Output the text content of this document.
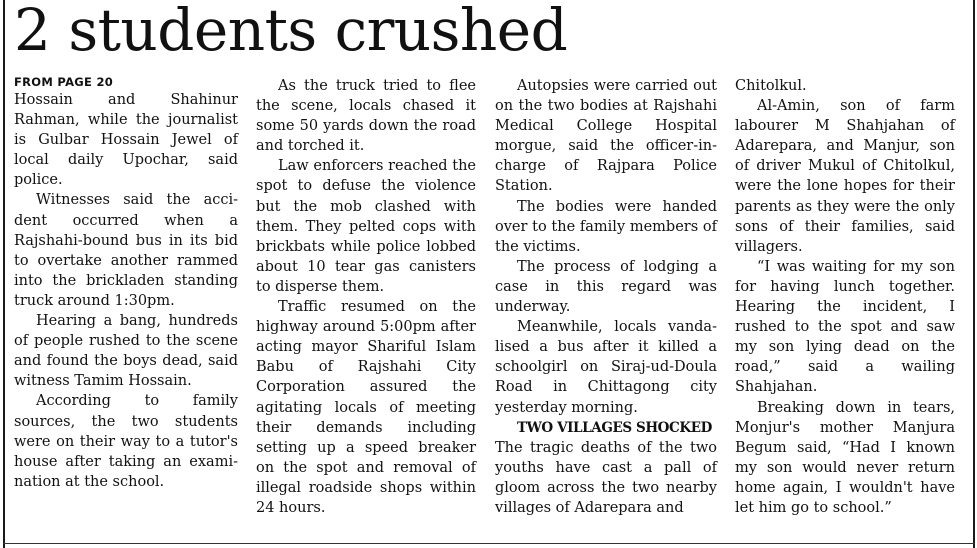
2 students crushed
FROM PAGE 20

Hossain and Shahinur Rahman, while the journalist is Gulbar Hossain Jewel of local daily Upochar, said police.

Witnesses said the accident occurred when a Rajshahi-bound bus in its bid to overtake another rammed into the brickladen standing truck around 1:30pm.

Hearing a bang, hundreds of people rushed to the scene and found the boys dead, said witness Tamim Hossain.

According to family sources, the two students were on their way to a tutor's house after taking an examination at the school.

As the truck tried to flee the scene, locals chased it some 50 yards down the road and torched it.

Law enforcers reached the spot to defuse the violence but the mob clashed with them. They pelted cops with brickbats while police lobbed about 10 tear gas canisters to disperse them.

Traffic resumed on the highway around 5:00pm after acting mayor Shariful Islam Babu of Rajshahi City Corporation assured the agitating locals of meeting their demands including setting up a speed breaker on the spot and removal of illegal roadside shops within 24 hours.

Autopsies were carried out on the two bodies at Rajshahi Medical College Hospital morgue, said the officer-in-charge of Rajpara Police Station.

The bodies were handed over to the family members of the victims.

The process of lodging a case in this regard was underway.

Meanwhile, locals vandalised a bus after it killed a schoolgirl on Siraj-ud-Doula Road in Chittagong city yesterday morning.

TWO VILLAGES SHOCKED

The tragic deaths of the two youths have cast a pall of gloom across the two nearby villages of Adarepara and

Chitolkul.

Al-Amin, son of farm labourer M Shahjahan of Adarepara, and Manjur, son of driver Mukul of Chitolkul, were the lone hopes for their parents as they were the only sons of their families, said villagers.

“I was waiting for my son for having lunch together. Hearing the incident, I rushed to the spot and saw my son lying dead on the road,” said a wailing Shahjahan.

Breaking down in tears, Monjur's mother Manjura Begum said, “Had I known my son would never return home again, I wouldn't have let him go to school.”
